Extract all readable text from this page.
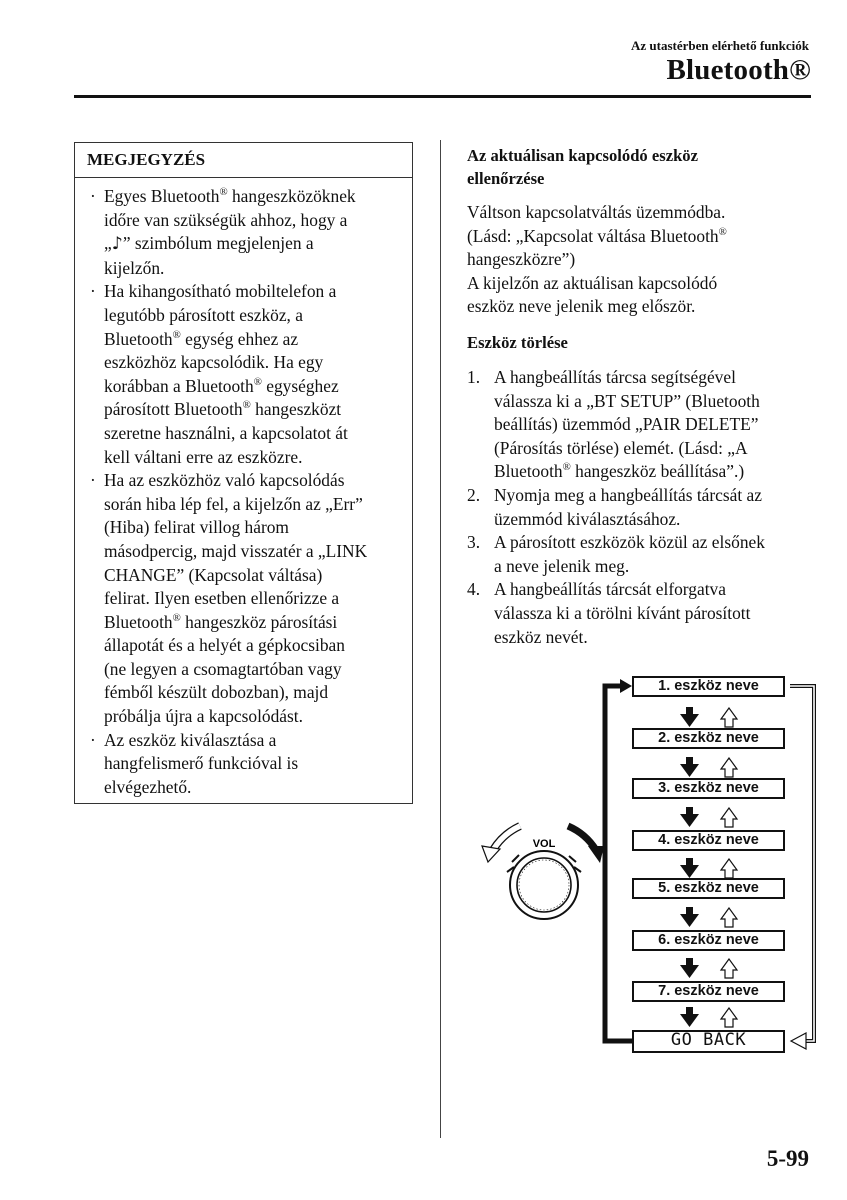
Az utastérben elérhető funkciók
Bluetooth®
MEGJEGYZÉS
· Egyes Bluetooth® hangeszközöknek
időre van szükségük ahhoz, hogy a
„♪” szimbólum megjelenjen a
kijelzőn.
· Ha kihangosítható mobiltelefon a
legutóbb párosított eszköz, a
Bluetooth® egység ehhez az
eszközhöz kapcsolódik. Ha egy
korábban a Bluetooth® egységhez
párosított Bluetooth® hangeszközt
szeretne használni, a kapcsolatot át
kell váltani erre az eszközre.
· Ha az eszközhöz való kapcsolódás
során hiba lép fel, a kijelzőn az „Err”
(Hiba) felirat villog három
másodpercig, majd visszatér a „LINK
CHANGE” (Kapcsolat váltása)
felirat. Ilyen esetben ellenőrizze a
Bluetooth® hangeszköz párosítási
állapotát és a helyét a gépkocsiban
(ne legyen a csomagtartóban vagy
fémből készült dobozban), majd
próbálja újra a kapcsolódást.
· Az eszköz kiválasztása a
hangfelismerő funkcióval is
elvégezhető.
Az aktuálisan kapcsolódó eszköz
ellenőrzése

Váltson kapcsolatváltás üzemmódba.
(Lásd: „Kapcsolat váltása Bluetooth®
hangeszközre”)
A kijelzőn az aktuálisan kapcsolódó
eszköz neve jelenik meg először.

Eszköz törlése
1. A hangbeállítás tárcsa segítségével
válassza ki a „BT SETUP” (Bluetooth
beállítás) üzemmód „PAIR DELETE”
(Párosítás törlése) elemét. (Lásd: „A
Bluetooth® hangeszköz beállítása”.)
2. Nyomja meg a hangbeállítás tárcsát az
üzemmód kiválasztásához.
3. A párosított eszközök közül az elsőnek
a neve jelenik meg.
4. A hangbeállítás tárcsát elforgatva
válassza ki a törölni kívánt párosított
eszköz nevét.
VOL
1. eszköz neve
2. eszköz neve
3. eszköz neve
4. eszköz neve
5. eszköz neve
6. eszköz neve
7. eszköz neve
GO BACK
5-99
